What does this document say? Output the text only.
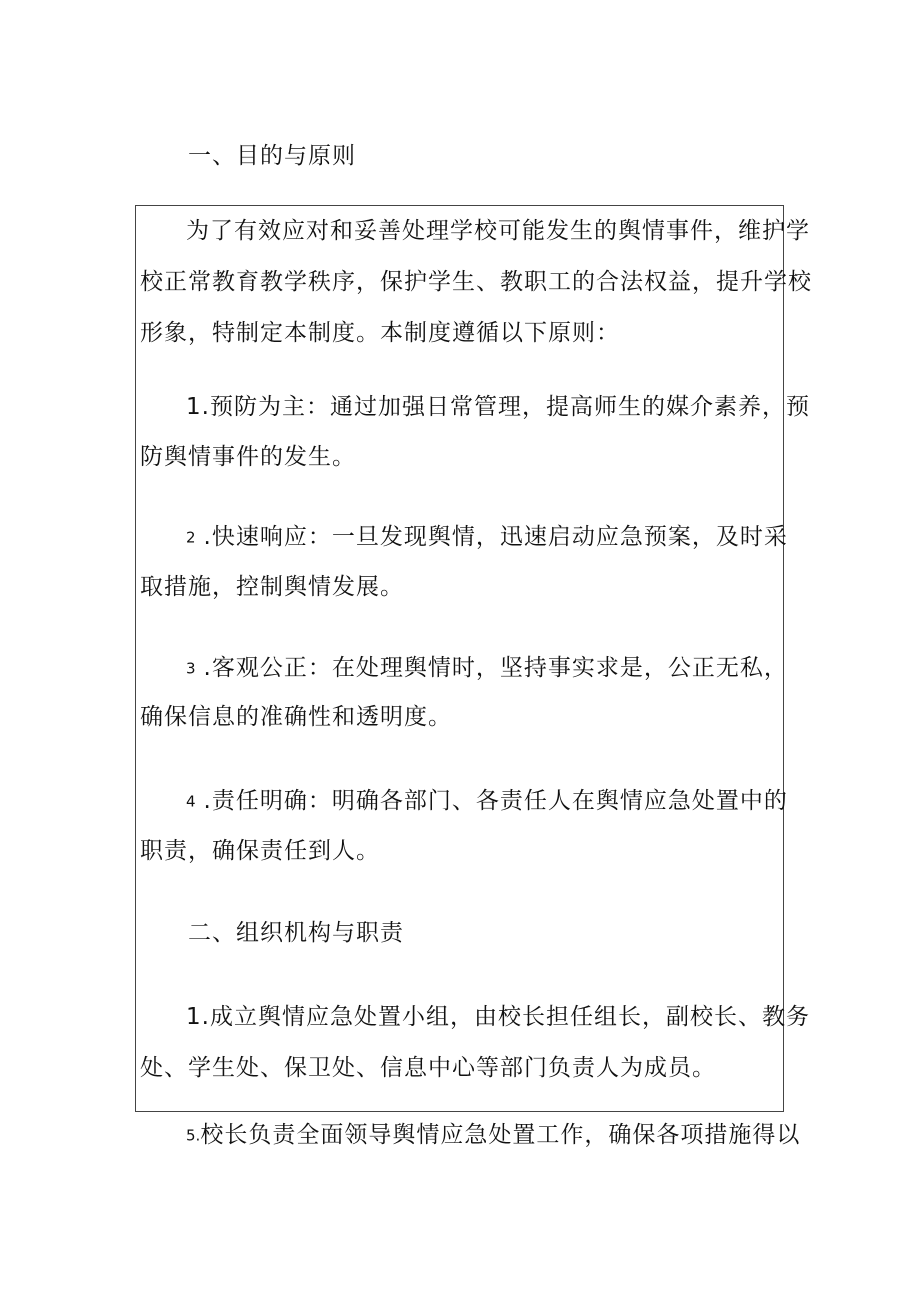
一、目的与原则
为了有效应对和妥善处理学校可能发生的舆情事件，维护学
校正常教育教学秩序，保护学生、教职工的合法权益，提升学校
形象，特制定本制度。本制度遵循以下原则：
1.预防为主：通过加强日常管理，提高师生的媒介素养，预
防舆情事件的发生。
2 .快速响应：一旦发现舆情，迅速启动应急预案，及时采
取措施，控制舆情发展。
3 .客观公正：在处理舆情时，坚持事实求是，公正无私，
确保信息的准确性和透明度。
4 .责任明确：明确各部门、各责任人在舆情应急处置中的
职责，确保责任到人。
二、组织机构与职责
1.成立舆情应急处置小组，由校长担任组长，副校长、教务
处、学生处、保卫处、信息中心等部门负责人为成员。
5.校长负责全面领导舆情应急处置工作，确保各项措施得以
